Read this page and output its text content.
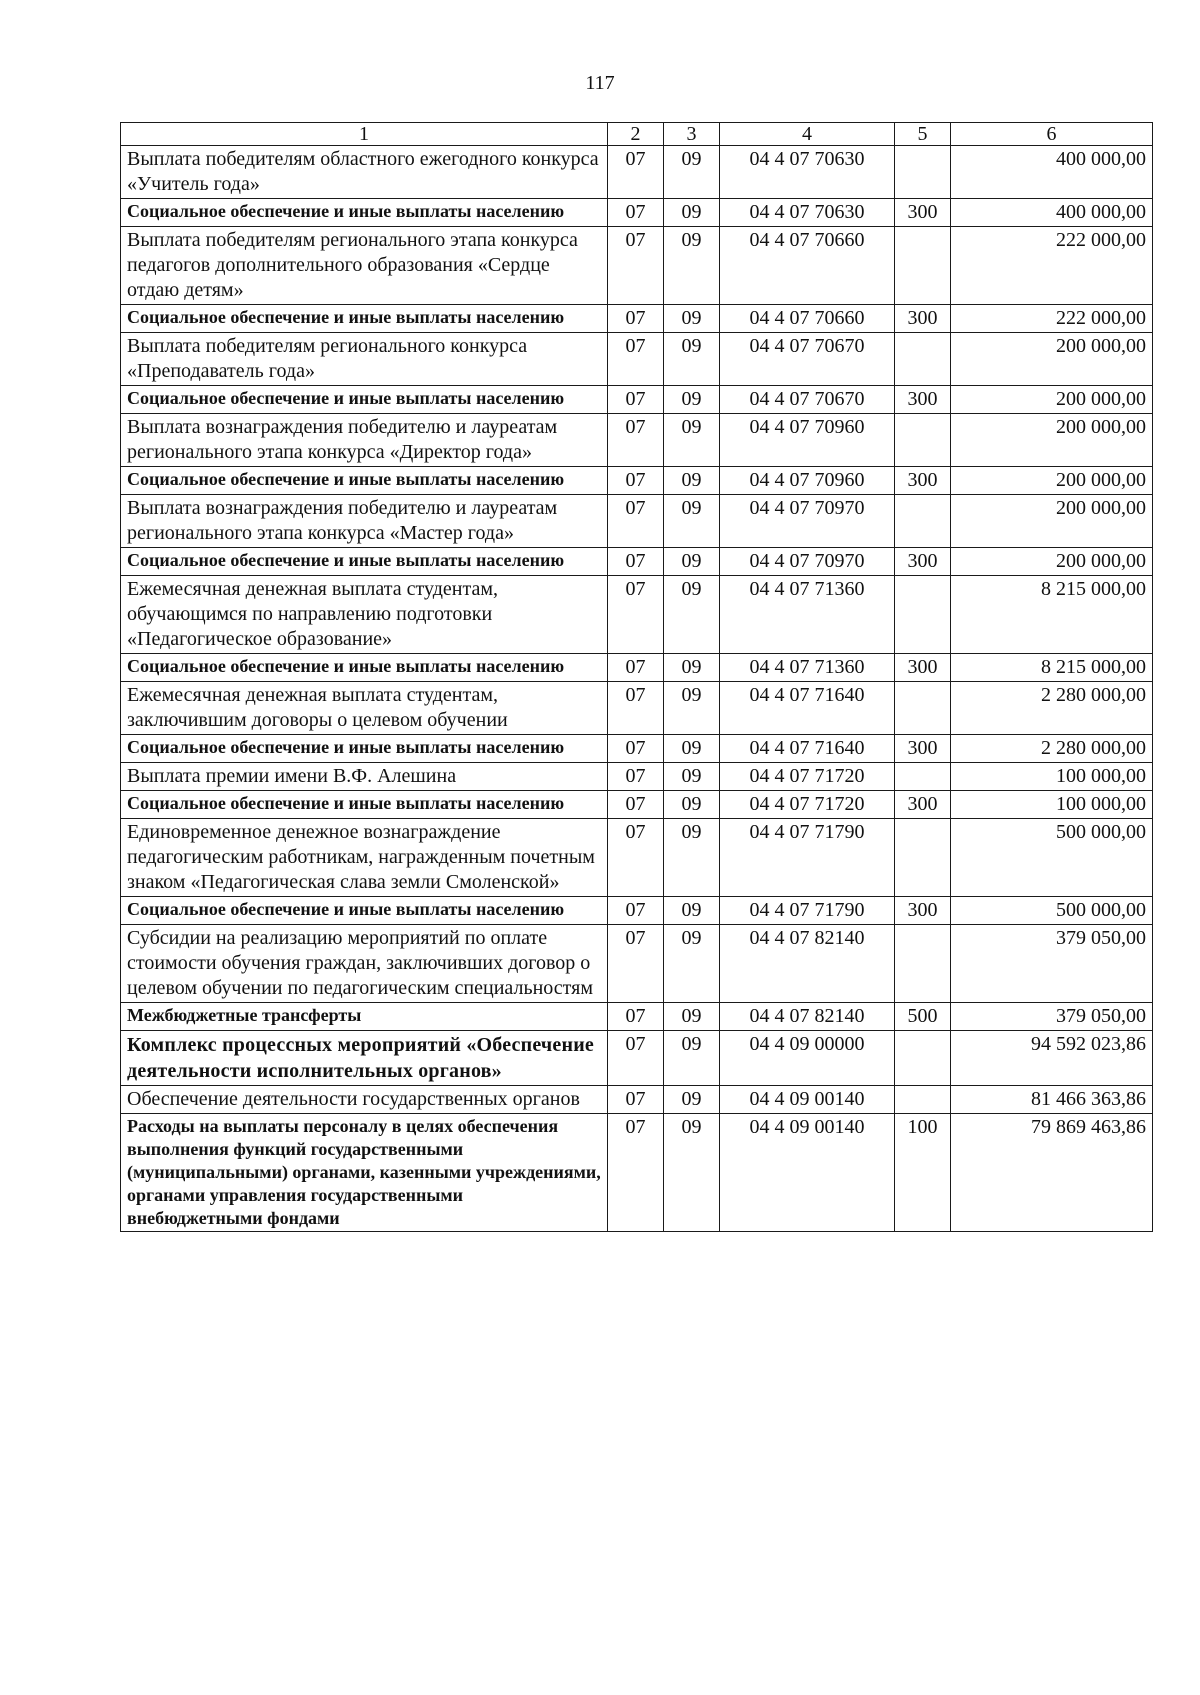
117
1	2	3	4	5	6
Выплата победителям областного ежегодного конкурса «Учитель года»	07	09	04 4 07 70630		400 000,00
Социальное обеспечение и иные выплаты населению	07	09	04 4 07 70630	300	400 000,00
Выплата победителям регионального этапа конкурса педагогов дополнительного образования «Сердце отдаю детям»	07	09	04 4 07 70660		222 000,00
Социальное обеспечение и иные выплаты населению	07	09	04 4 07 70660	300	222 000,00
Выплата победителям регионального конкурса «Преподаватель года»	07	09	04 4 07 70670		200 000,00
Социальное обеспечение и иные выплаты населению	07	09	04 4 07 70670	300	200 000,00
Выплата вознаграждения победителю и лауреатам регионального этапа конкурса «Директор года»	07	09	04 4 07 70960		200 000,00
Социальное обеспечение и иные выплаты населению	07	09	04 4 07 70960	300	200 000,00
Выплата вознаграждения победителю и лауреатам регионального этапа конкурса «Мастер года»	07	09	04 4 07 70970		200 000,00
Социальное обеспечение и иные выплаты населению	07	09	04 4 07 70970	300	200 000,00
Ежемесячная денежная выплата студентам, обучающимся по направлению подготовки «Педагогическое образование»	07	09	04 4 07 71360		8 215 000,00
Социальное обеспечение и иные выплаты населению	07	09	04 4 07 71360	300	8 215 000,00
Ежемесячная денежная выплата студентам, заключившим договоры о целевом обучении	07	09	04 4 07 71640		2 280 000,00
Социальное обеспечение и иные выплаты населению	07	09	04 4 07 71640	300	2 280 000,00
Выплата премии имени В.Ф. Алешина	07	09	04 4 07 71720		100 000,00
Социальное обеспечение и иные выплаты населению	07	09	04 4 07 71720	300	100 000,00
Единовременное денежное вознаграждение педагогическим работникам, награжденным почетным знаком «Педагогическая слава земли Смоленской»	07	09	04 4 07 71790		500 000,00
Социальное обеспечение и иные выплаты населению	07	09	04 4 07 71790	300	500 000,00
Субсидии на реализацию мероприятий по оплате стоимости обучения граждан, заключивших договор о целевом обучении по педагогическим специальностям	07	09	04 4 07 82140		379 050,00
Межбюджетные трансферты	07	09	04 4 07 82140	500	379 050,00
Комплекс процессных мероприятий «Обеспечение деятельности исполнительных органов»	07	09	04 4 09 00000		94 592 023,86
Обеспечение деятельности государственных органов	07	09	04 4 09 00140		81 466 363,86
Расходы на выплаты персоналу в целях обеспечения выполнения функций государственными (муниципальными) органами, казенными учреждениями, органами управления государственными внебюджетными фондами	07	09	04 4 09 00140	100	79 869 463,86
